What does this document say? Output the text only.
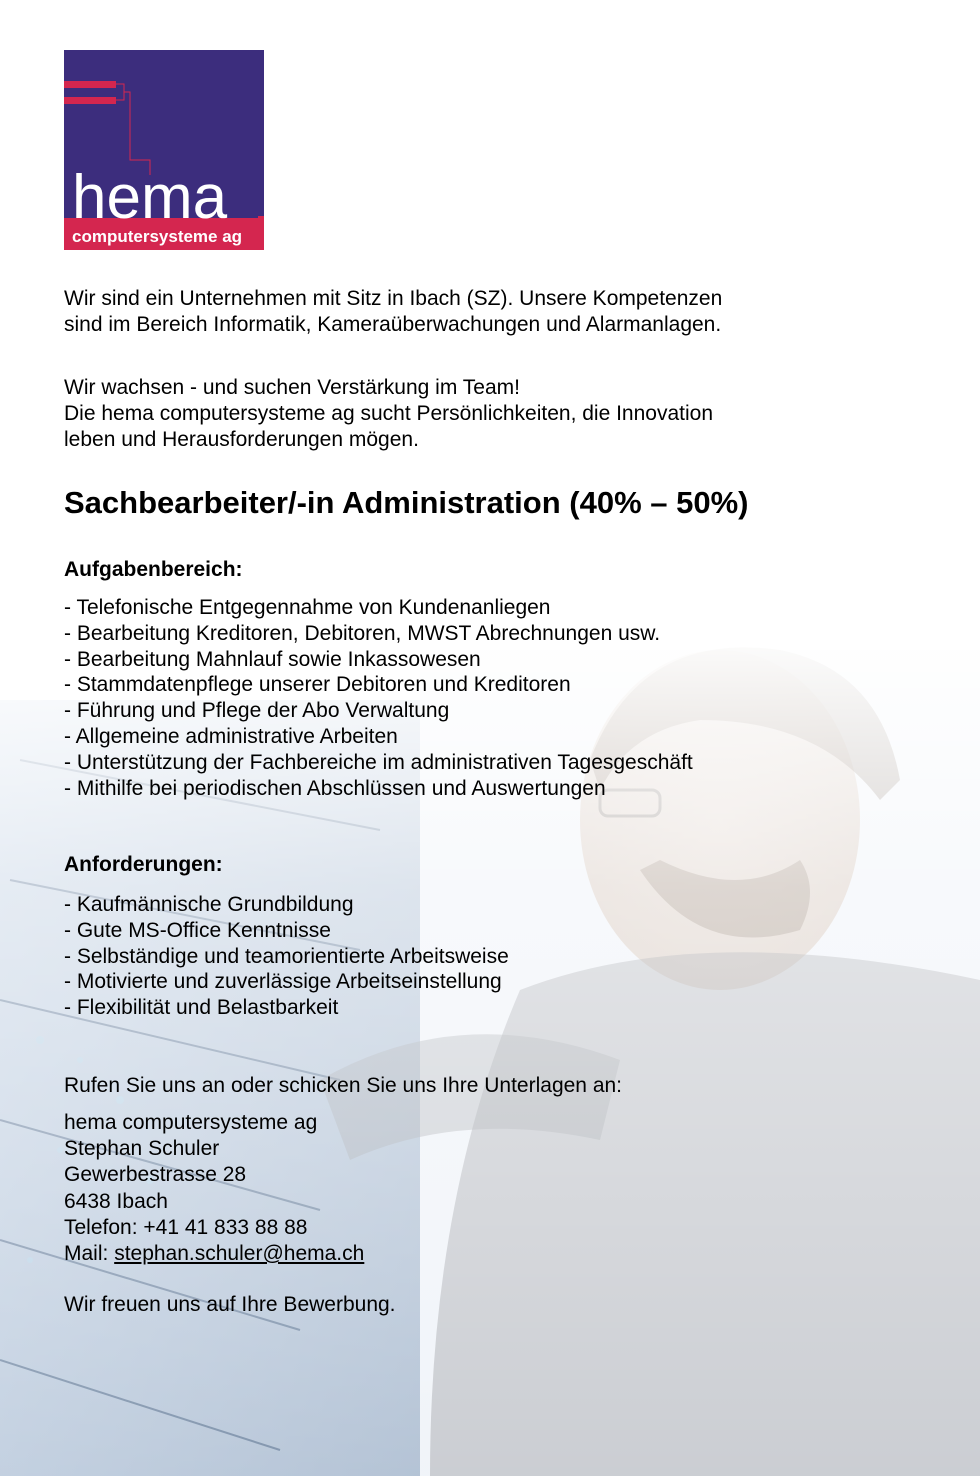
hema
computersysteme ag
Wir sind ein Unternehmen mit Sitz in Ibach (SZ). Unsere Kompetenzen
sind im Bereich Informatik, Kameraüberwachungen und Alarmanlagen.
Wir wachsen - und suchen Verstärkung im Team!
Die hema computersysteme ag sucht Persönlichkeiten, die Innovation
leben und Herausforderungen mögen.
Sachbearbeiter/-in Administration (40% – 50%)
Aufgabenbereich:
- Telefonische Entgegennahme von Kundenanliegen
- Bearbeitung Kreditoren, Debitoren, MWST Abrechnungen usw.
- Bearbeitung Mahnlauf sowie Inkassowesen
- Stammdatenpflege unserer Debitoren und Kreditoren
- Führung und Pflege der Abo Verwaltung
- Allgemeine administrative Arbeiten
- Unterstützung der Fachbereiche im administrativen Tagesgeschäft
- Mithilfe bei periodischen Abschlüssen und Auswertungen
Anforderungen:
- Kaufmännische Grundbildung
- Gute MS-Office Kenntnisse
- Selbständige und teamorientierte Arbeitsweise
- Motivierte und zuverlässige Arbeitseinstellung
- Flexibilität und Belastbarkeit
Rufen Sie uns an oder schicken Sie uns Ihre Unterlagen an:
hema computersysteme ag
Stephan Schuler
Gewerbestrasse 28
6438 Ibach
Telefon: +41 41 833 88 88
Mail: stephan.schuler@hema.ch
Wir freuen uns auf Ihre Bewerbung.
